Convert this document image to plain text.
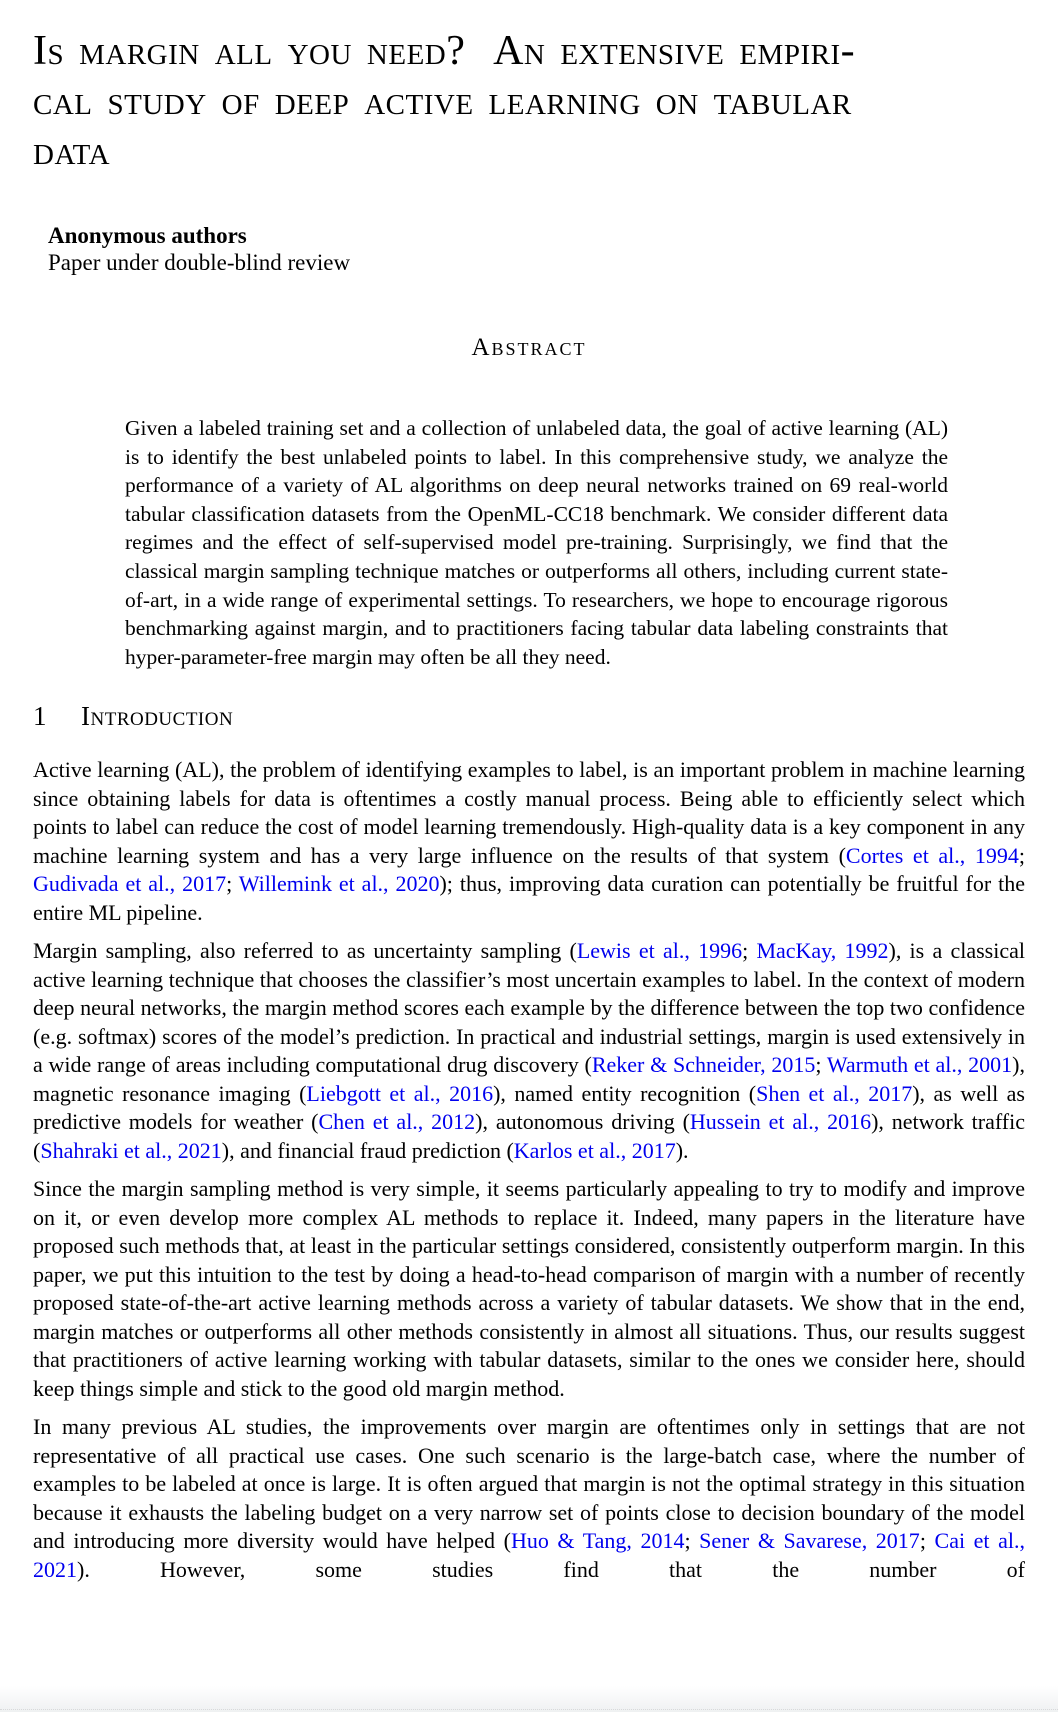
Is margin all you need?  An extensive empiri-
cal study of deep active learning on tabular
data
Anonymous authors
Paper under double-blind review
Abstract
Given a labeled training set and a collection of unlabeled data, the goal of active learning (AL) is to identify the best unlabeled points to label. In this comprehensive study, we analyze the performance of a variety of AL algorithms on deep neural networks trained on 69 real-world tabular classification datasets from the OpenML-CC18 benchmark. We consider different data regimes and the effect of self-supervised model pre-training. Surprisingly, we find that the classical margin sampling technique matches or outperforms all others, including current state-of-art, in a wide range of experimental settings. To researchers, we hope to encourage rigorous benchmarking against margin, and to practitioners facing tabular data labeling constraints that hyper-parameter-free margin may often be all they need.
1 Introduction

Active learning (AL), the problem of identifying examples to label, is an important problem in machine learning since obtaining labels for data is oftentimes a costly manual process. Being able to efficiently select which points to label can reduce the cost of model learning tremendously. High-quality data is a key component in any machine learning system and has a very large influence on the results of that system (Cortes et al., 1994; Gudivada et al., 2017; Willemink et al., 2020); thus, improving data curation can potentially be fruitful for the entire ML pipeline.

Margin sampling, also referred to as uncertainty sampling (Lewis et al., 1996; MacKay, 1992), is a classical active learning technique that chooses the classifier’s most uncertain examples to label. In the context of modern deep neural networks, the margin method scores each example by the difference between the top two confidence (e.g. softmax) scores of the model’s prediction. In practical and industrial settings, margin is used extensively in a wide range of areas including computational drug discovery (Reker & Schneider, 2015; Warmuth et al., 2001), magnetic resonance imaging (Liebgott et al., 2016), named entity recognition (Shen et al., 2017), as well as predictive models for weather (Chen et al., 2012), autonomous driving (Hussein et al., 2016), network traffic (Shahraki et al., 2021), and financial fraud prediction (Karlos et al., 2017).

Since the margin sampling method is very simple, it seems particularly appealing to try to modify and improve on it, or even develop more complex AL methods to replace it. Indeed, many papers in the literature have proposed such methods that, at least in the particular settings considered, consistently outperform margin. In this paper, we put this intuition to the test by doing a head-to-head comparison of margin with a number of recently proposed state-of-the-art active learning methods across a variety of tabular datasets. We show that in the end, margin matches or outperforms all other methods consistently in almost all situations. Thus, our results suggest that practitioners of active learning working with tabular datasets, similar to the ones we consider here, should keep things simple and stick to the good old margin method.

In many previous AL studies, the improvements over margin are oftentimes only in settings that are not representative of all practical use cases. One such scenario is the large-batch case, where the number of examples to be labeled at once is large. It is often argued that margin is not the optimal strategy in this situation because it exhausts the labeling budget on a very narrow set of points close to decision boundary of the model and introducing more diversity would have helped (Huo & Tang, 2014; Sener & Savarese, 2017; Cai et al., 2021). However, some studies find that the number of
